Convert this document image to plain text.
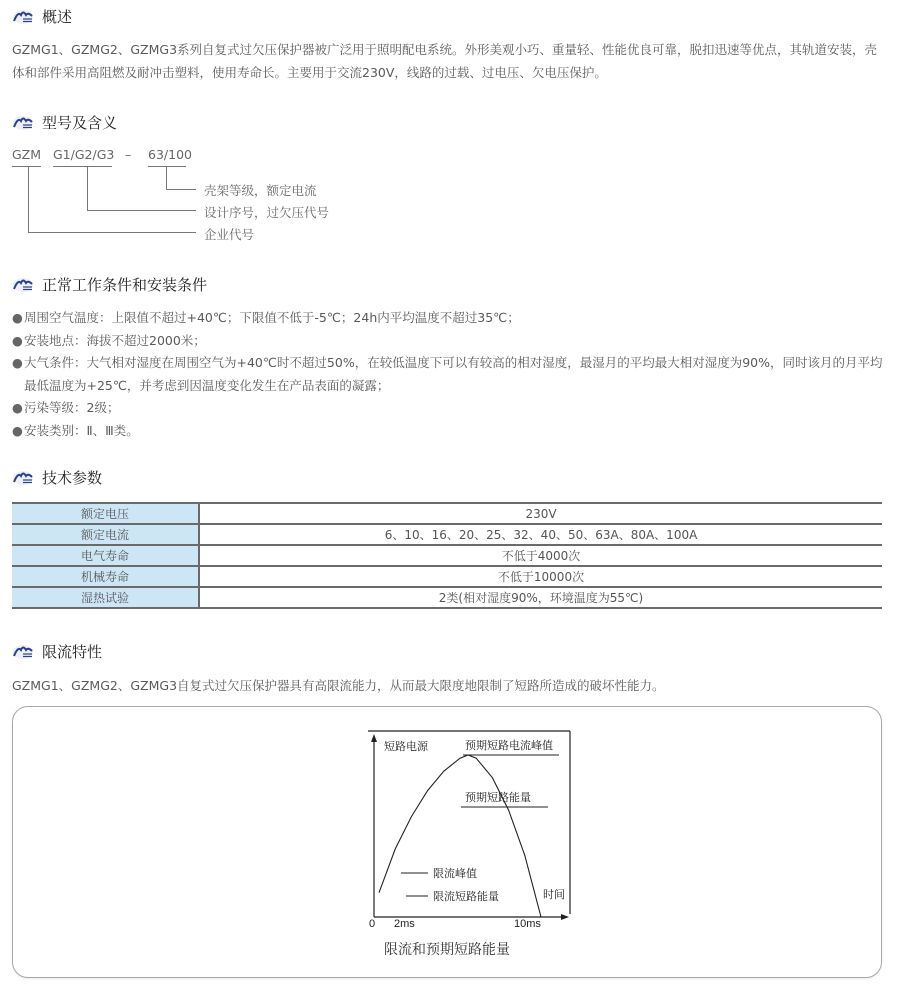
概述
GZMG1、GZMG2、GZMG3系列自复式过欠压保护器被广泛用于照明配电系统。外形美观小巧、重量轻、性能优良可靠，脱扣迅速等优点，其轨道安装，壳体和部件采用高阻燃及耐冲击塑料，使用寿命长。主要用于交流230V，线路的过载、过电压、欠电压保护。
型号及含义
GZM G1/G2/G3 – 63/100
壳架等级，额定电流
设计序号，过欠压代号
企业代号
正常工作条件和安装条件
● 周围空气温度：上限值不超过+40℃；下限值不低于-5℃；24h内平均温度不超过35℃；
● 安装地点：海拔不超过2000米；
● 大气条件：大气相对湿度在周围空气为+40℃时不超过50%，在较低温度下可以有较高的相对湿度，最湿月的平均最大相对湿度为90%，同时该月的月平均最低温度为+25℃，并考虑到因温度变化发生在产品表面的凝露；
● 污染等级：2级；
● 安装类别：Ⅱ、Ⅲ类。
技术参数
额定电压	230V
额定电流	6、10、16、20、25、32、40、50、63A、80A、100A
电气寿命	不低于4000次
机械寿命	不低于10000次
湿热试验	2类(相对湿度90%，环境温度为55℃)
限流特性
GZMG1、GZMG2、GZMG3自复式过欠压保护器具有高限流能力，从而最大限度地限制了短路所造成的破坏性能力。
短路电源	预期短路电流峰值
预期短路能量
限流峰值
限流短路能量	时间
0 2ms	10ms
限流和预期短路能量
